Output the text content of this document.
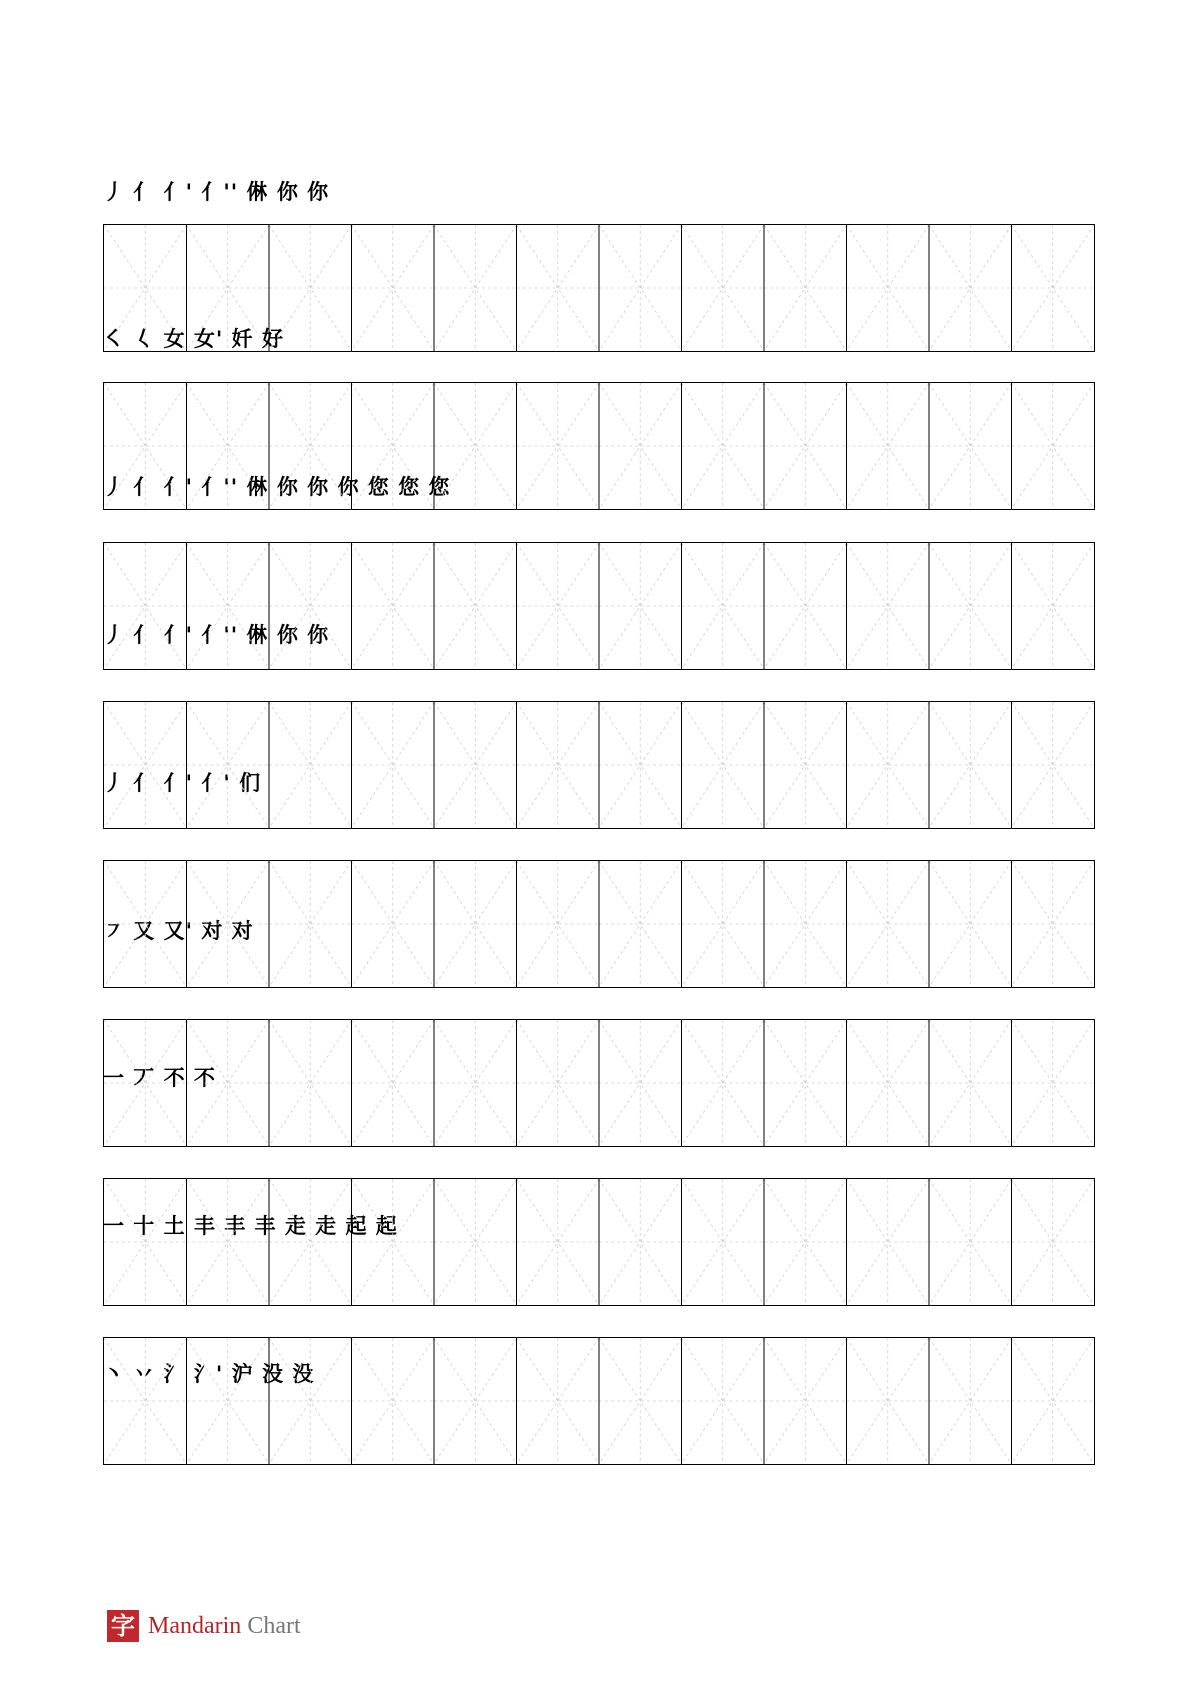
丿 亻 亻' 亻'' 㑣 你 你
㇛ 𡿨 女 女' 奷 好
丿 亻 亻' 亻'' 㑣 你 你 你 您 您 您
丿 亻 亻' 亻'' 㑣 你 你
丿 亻 亻' 亻' 们
㇇ 又 又' 对 对
一 丆 不 不
一 十 土 丰 丰 丰 走 走 起 起
丶 丷 氵 氵' 沪 没 没
字 Mandarin Chart
